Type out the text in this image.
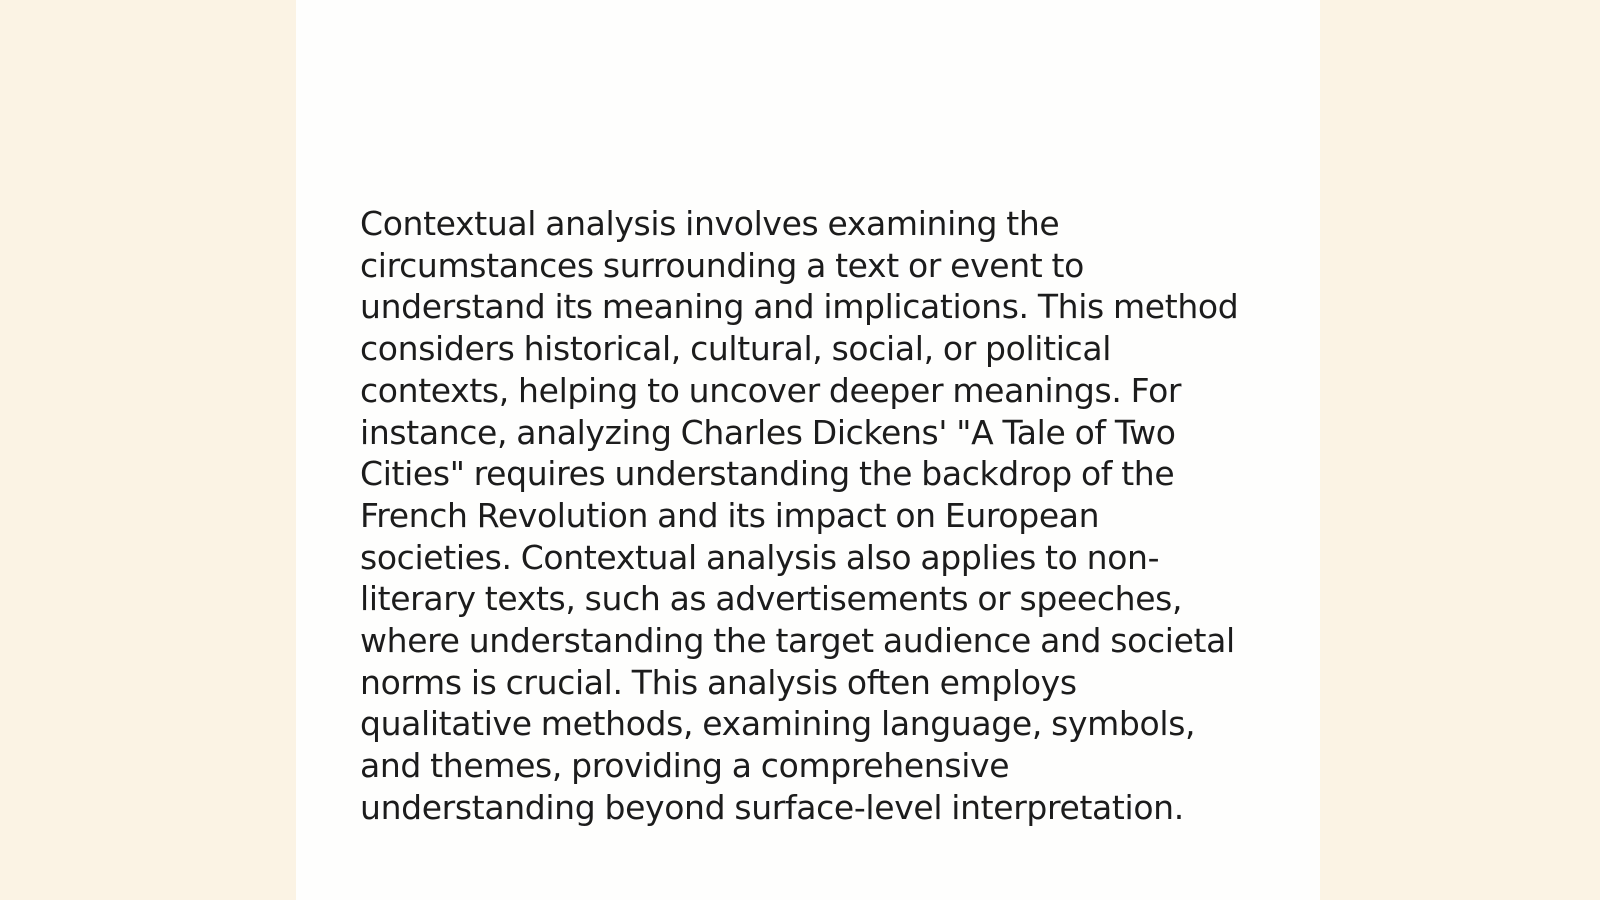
Contextual analysis involves examining the circumstances surrounding a text or event to understand its meaning and implications. This method considers historical, cultural, social, or political contexts, helping to uncover deeper meanings. For instance, analyzing Charles Dickens' "A Tale of Two Cities" requires understanding the backdrop of the French Revolution and its impact on European societies. Contextual analysis also applies to non-literary texts, such as advertisements or speeches, where understanding the target audience and societal norms is crucial. This analysis often employs qualitative methods, examining language, symbols, and themes, providing a comprehensive understanding beyond surface-level interpretation.
